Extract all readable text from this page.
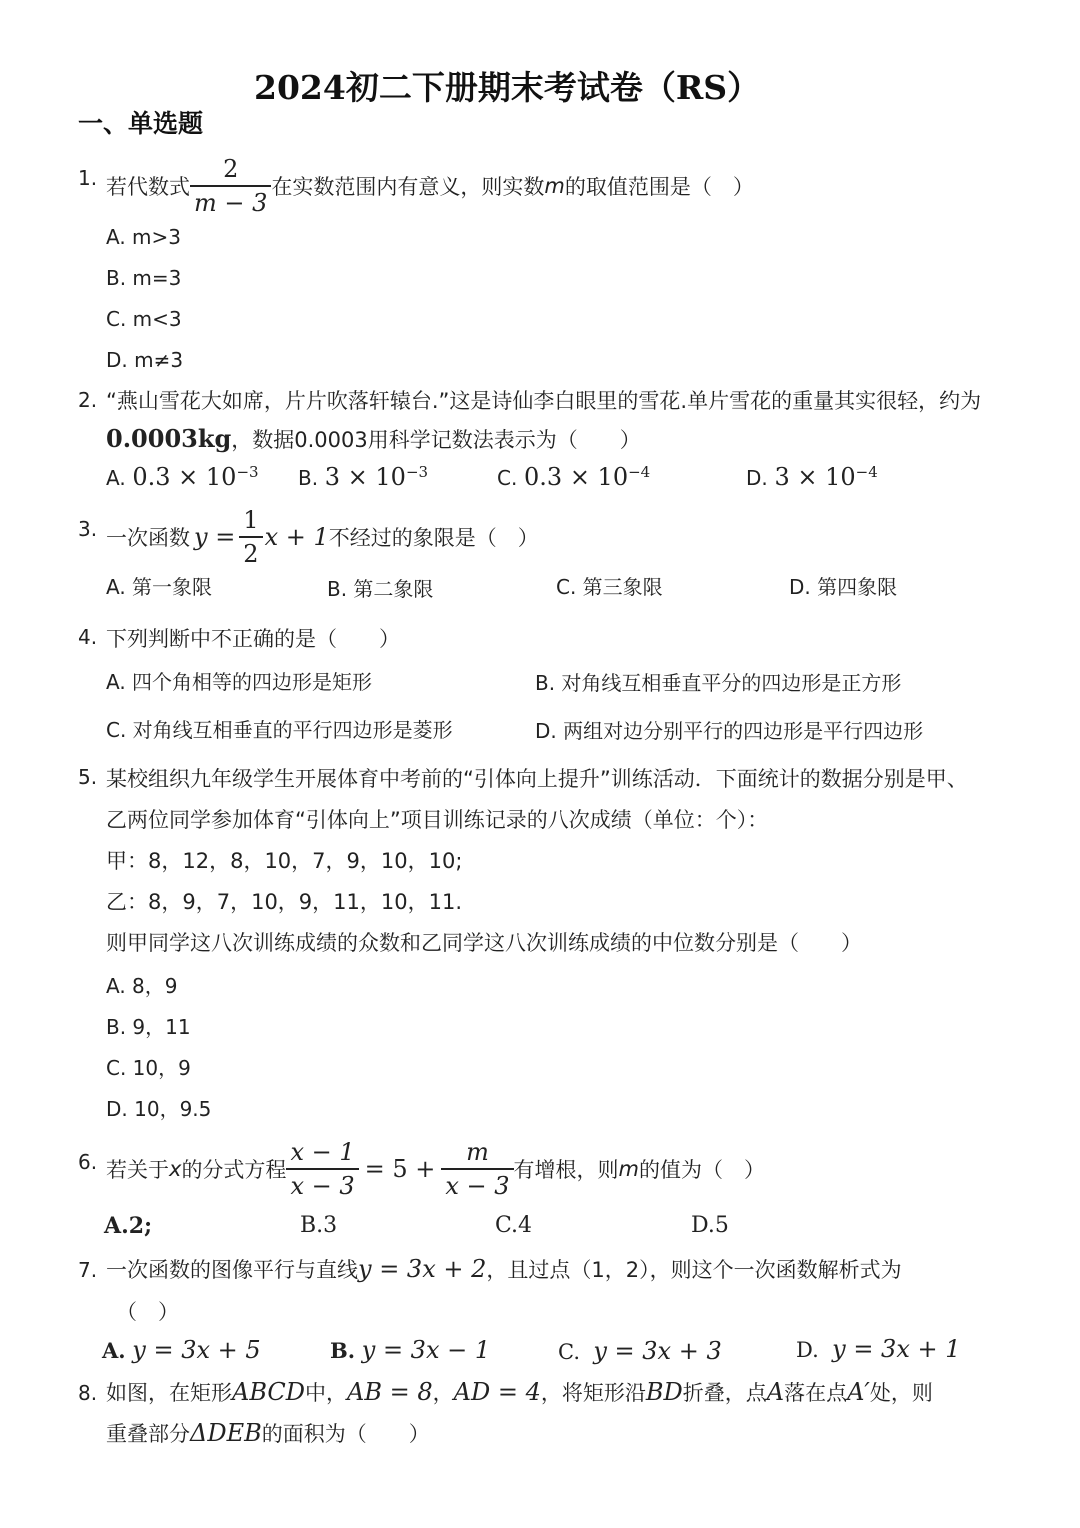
2024初二下册期末考试卷（RS）
一、单选题
1. 若代数式 $\frac{2}{m - 3}$ 在实数范围内有意义，则实数 m 的取值范围是（　）
A. m>3
B. m=3
C. m<3
D. m≠3
2. “燕山雪花大如席，片片吹落轩辕台.”这是诗仙李白眼里的雪花.单片雪花的重量其实很轻，约为
0.0003kg，数据0.0003用科学记数法表示为（　　）
A. $0.3 \times 10^{-3}$ B. $3 \times 10^{-3}$	C. $0.3 \times 10^{-4}$	D. $3 \times 10^{-4}$
3. 一次函数 $y = \frac{1}{2}$ x + 1 不经过的象限是（　）
A. 第一象限	B. 第二象限	C. 第三象限	D. 第四象限
4. 下列判断中不正确的是（　　）
A. 四个角相等的四边形是矩形	B. 对角线互相垂直平分的四边形是正方形
C. 对角线互相垂直的平行四边形是菱形	D. 两组对边分别平行的四边形是平行四边形
5. 某校组织九年级学生开展体育中考前的“引体向上提升”训练活动．下面统计的数据分别是甲、
乙两位同学参加体育“引体向上”项目训练记录的八次成绩（单位：个）：
甲：8，12，8，10，7，9，10，10;
乙：8，9，7，10，9，11，10，11.
则甲同学这八次训练成绩的众数和乙同学这八次训练成绩的中位数分别是（　　）
A. 8，9
B. 9，11
C. 10，9
D. 10，9.5
6. 若关于 x 的分式方程 $\frac{x - 1}{x - 3} = 5 + \frac{m}{x - 3}$ 有增根，则 m 的值为（　）
A.2;	B.3	C.4	D.5
7. 一次函数的图像平行与直线y = 3x + 2，且过点（1，2），则这个一次函数解析式为
（　）
A. y = 3x + 5	B. y = 3x − 1	C. y = 3x + 3	D. y = 3x + 1
8. 如图，在矩形ABCD中，AB = 8，AD = 4，将矩形沿BD折叠，点A落在点A′处，则
重叠部分ΔDEB的面积为（　　）
